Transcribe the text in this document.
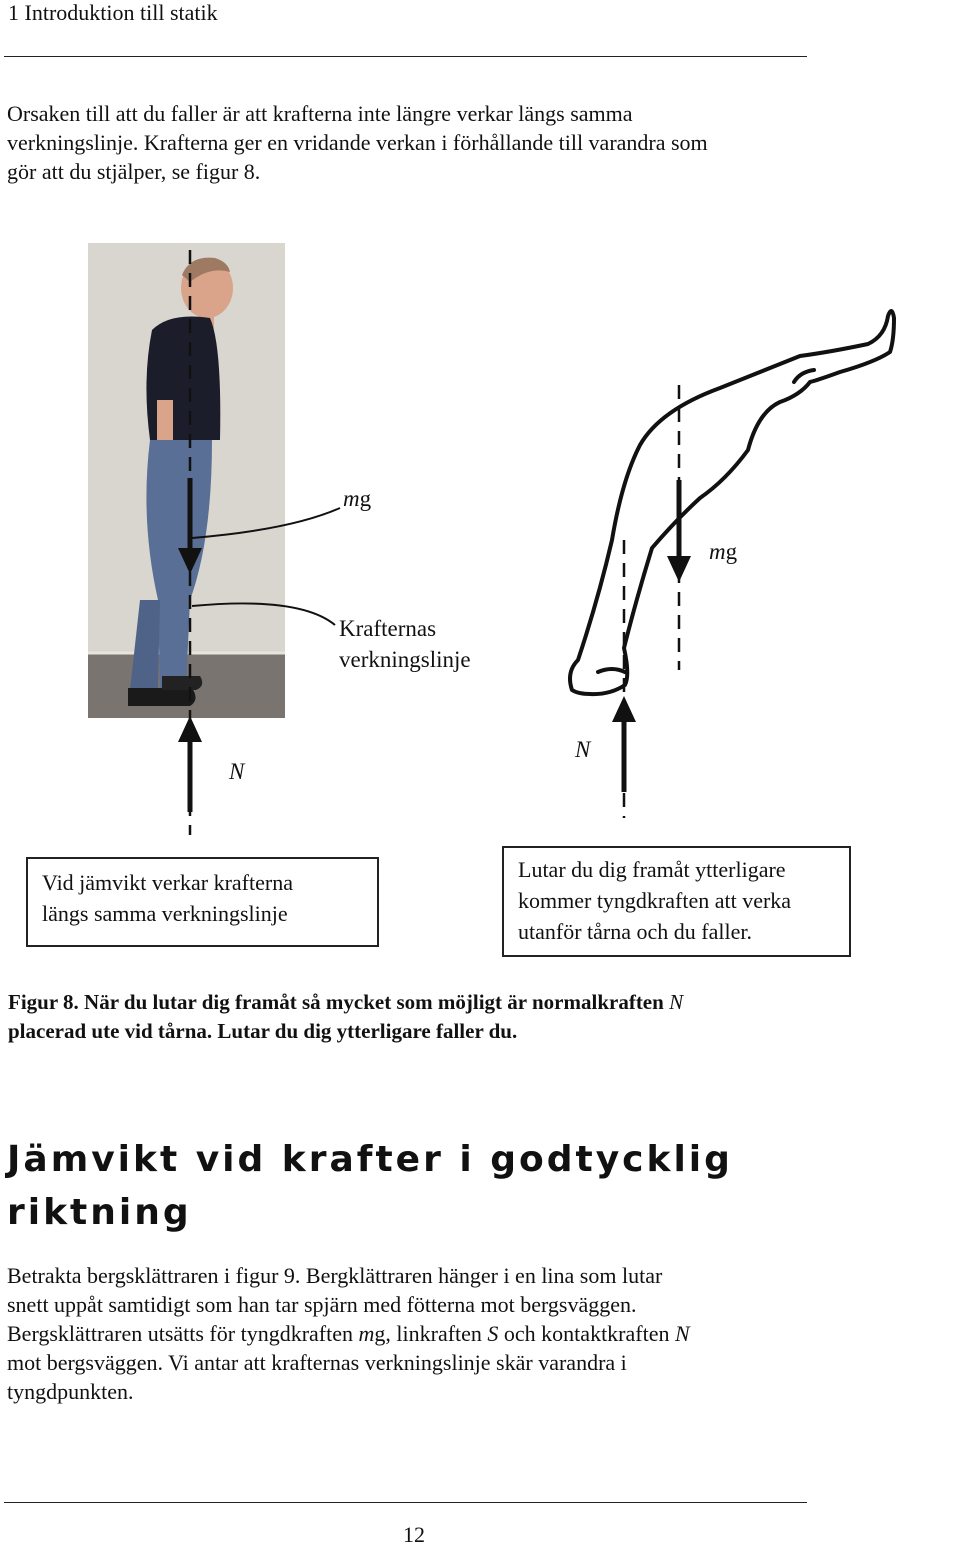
1 Introduktion till statik
Orsaken till att du faller är att krafterna inte längre verkar längs samma
verkningslinje. Krafterna ger en vridande verkan i förhållande till varandra som
gör att du stjälper, se figur 8.
mg
mg
Krafternas
verkningslinje
N
N
Vid jämvikt verkar krafterna
längs samma verkningslinje
Lutar du dig framåt ytterligare
kommer tyngdkraften att verka
utanför tårna och du faller.
Figur 8. När du lutar dig framåt så mycket som möjligt är normalkraften N
placerad ute vid tårna. Lutar du dig ytterligare faller du.
Jämvikt vid krafter i godtycklig
riktning
Betrakta bergsklättraren i figur 9. Bergklättraren hänger i en lina som lutar
snett uppåt samtidigt som han tar spjärn med fötterna mot bergsväggen.
Bergsklättraren utsätts för tyngdkraften mg, linkraften S och kontaktkraften N
mot bergsväggen. Vi antar att krafternas verkningslinje skär varandra i
tyngdpunkten.
12
